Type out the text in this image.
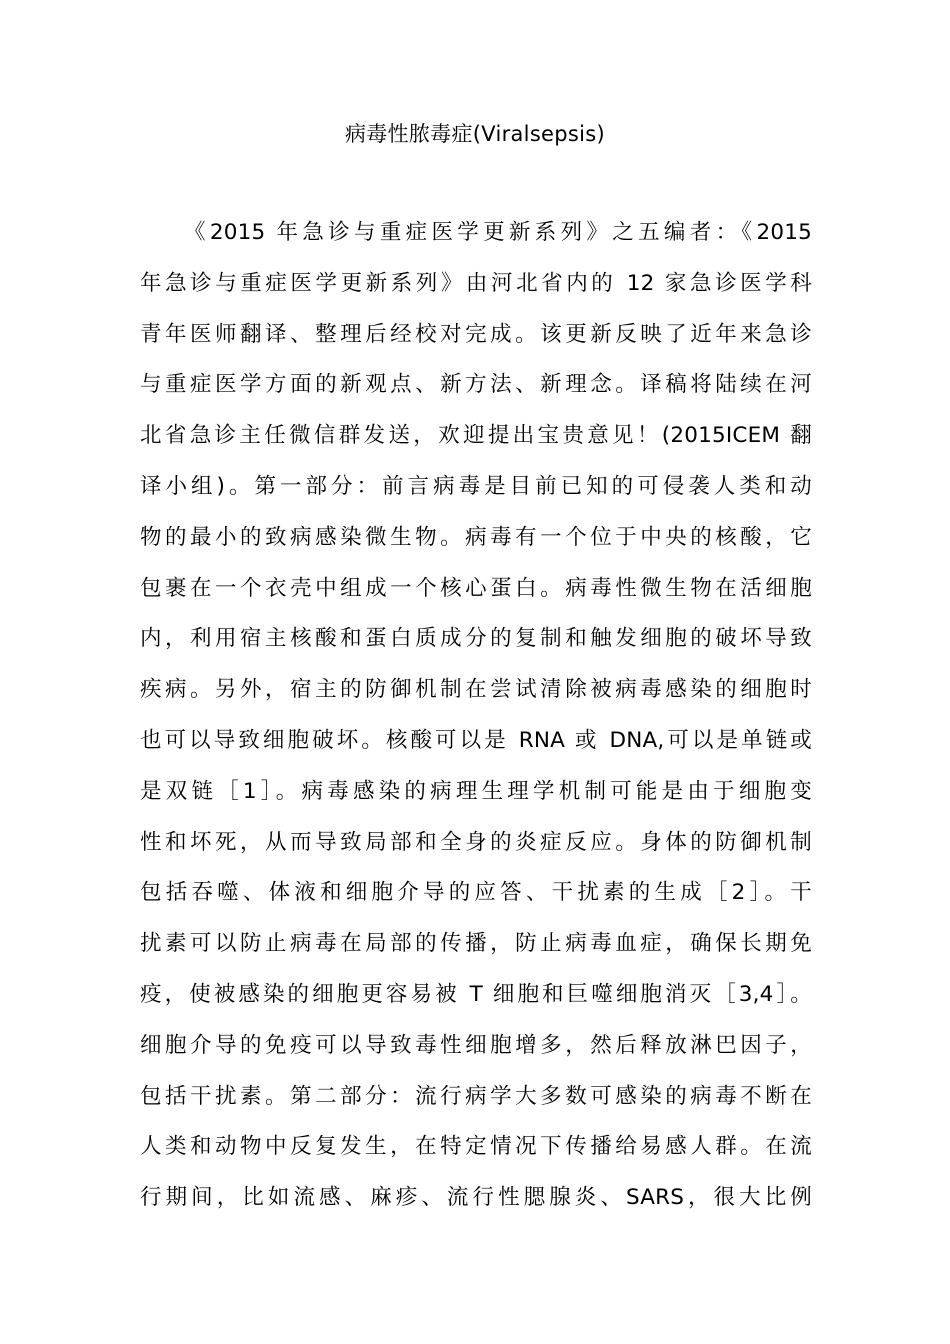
病毒性脓毒症(Viralsepsis)
《2015 年急诊与重症医学更新系列》之五编者：《2015
年急诊与重症医学更新系列》由河北省内的 12 家急诊医学科
青年医师翻译、整理后经校对完成。该更新反映了近年来急诊
与重症医学方面的新观点、新方法、新理念。译稿将陆续在河
北省急诊主任微信群发送，欢迎提出宝贵意见！(2015ICEM 翻
译小组)。第一部分：前言病毒是目前已知的可侵袭人类和动
物的最小的致病感染微生物。病毒有一个位于中央的核酸，它
包裹在一个衣壳中组成一个核心蛋白。病毒性微生物在活细胞
内，利用宿主核酸和蛋白质成分的复制和触发细胞的破坏导致
疾病。另外，宿主的防御机制在尝试清除被病毒感染的细胞时
也可以导致细胞破坏。核酸可以是 RNA 或 DNA,可以是单链或
是双链［1］。病毒感染的病理生理学机制可能是由于细胞变
性和坏死，从而导致局部和全身的炎症反应。身体的防御机制
包括吞噬、体液和细胞介导的应答、干扰素的生成［2］。干
扰素可以防止病毒在局部的传播，防止病毒血症，确保长期免
疫，使被感染的细胞更容易被 T 细胞和巨噬细胞消灭［3,4］。
细胞介导的免疫可以导致毒性细胞增多，然后释放淋巴因子，
包括干扰素。第二部分：流行病学大多数可感染的病毒不断在
人类和动物中反复发生，在特定情况下传播给易感人群。在流
行期间，比如流感、麻疹、流行性腮腺炎、SARS，很大比例
